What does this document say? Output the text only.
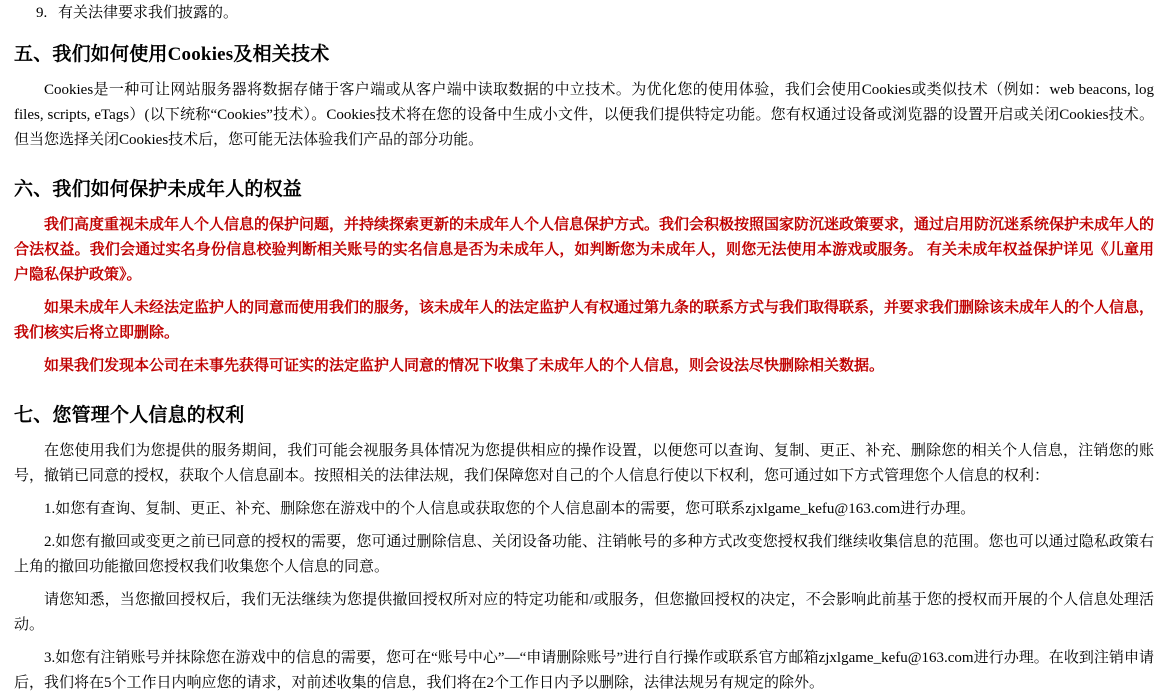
9. 有关法律要求我们披露的。
五、我们如何使用Cookies及相关技术

Cookies是一种可让网站服务器将数据存储于客户端或从客户端中读取数据的中立技术。为优化您的使用体验，我们会使用Cookies或类似技术（例如：web beacons, log files, scripts, eTags）(以下统称“Cookies”技术）。Cookies技术将在您的设备中生成小文件，以便我们提供特定功能。您有权通过设备或浏览器的设置开启或关闭Cookies技术。但当您选择关闭Cookies技术后，您可能无法体验我们产品的部分功能。

六、我们如何保护未成年人的权益

我们高度重视未成年人个人信息的保护问题，并持续探索更新的未成年人个人信息保护方式。我们会积极按照国家防沉迷政策要求，通过启用防沉迷系统保护未成年人的合法权益。我们会通过实名身份信息校验判断相关账号的实名信息是否为未成年人，如判断您为未成年人，则您无法使用本游戏或服务。 有关未成年权益保护详见《儿童用户隐私保护政策》。

如果未成年人未经法定监护人的同意而使用我们的服务，该未成年人的法定监护人有权通过第九条的联系方式与我们取得联系，并要求我们删除该未成年人的个人信息，我们核实后将立即删除。

如果我们发现本公司在未事先获得可证实的法定监护人同意的情况下收集了未成年人的个人信息，则会设法尽快删除相关数据。

七、您管理个人信息的权利

在您使用我们为您提供的服务期间，我们可能会视服务具体情况为您提供相应的操作设置，以便您可以查询、复制、更正、补充、删除您的相关个人信息，注销您的账号，撤销已同意的授权，获取个人信息副本。按照相关的法律法规，我们保障您对自己的个人信息行使以下权利，您可通过如下方式管理您个人信息的权利：

1.如您有查询、复制、更正、补充、删除您在游戏中的个人信息或获取您的个人信息副本的需要，您可联系zjxlgame_kefu@163.com进行办理。

2.如您有撤回或变更之前已同意的授权的需要，您可通过删除信息、关闭设备功能、注销帐号的多种方式改变您授权我们继续收集信息的范围。您也可以通过隐私政策右上角的撤回功能撤回您授权我们收集您个人信息的同意。

请您知悉，当您撤回授权后，我们无法继续为您提供撤回授权所对应的特定功能和/或服务，但您撤回授权的决定，不会影响此前基于您的授权而开展的个人信息处理活动。

3.如您有注销账号并抹除您在游戏中的信息的需要，您可在“账号中心”—“申请删除账号”进行自行操作或联系官方邮箱zjxlgame_kefu@163.com进行办理。在收到注销申请后，我们将在5个工作日内响应您的请求，对前述收集的信息，我们将在2个工作日内予以删除，法律法规另有规定的除外。
